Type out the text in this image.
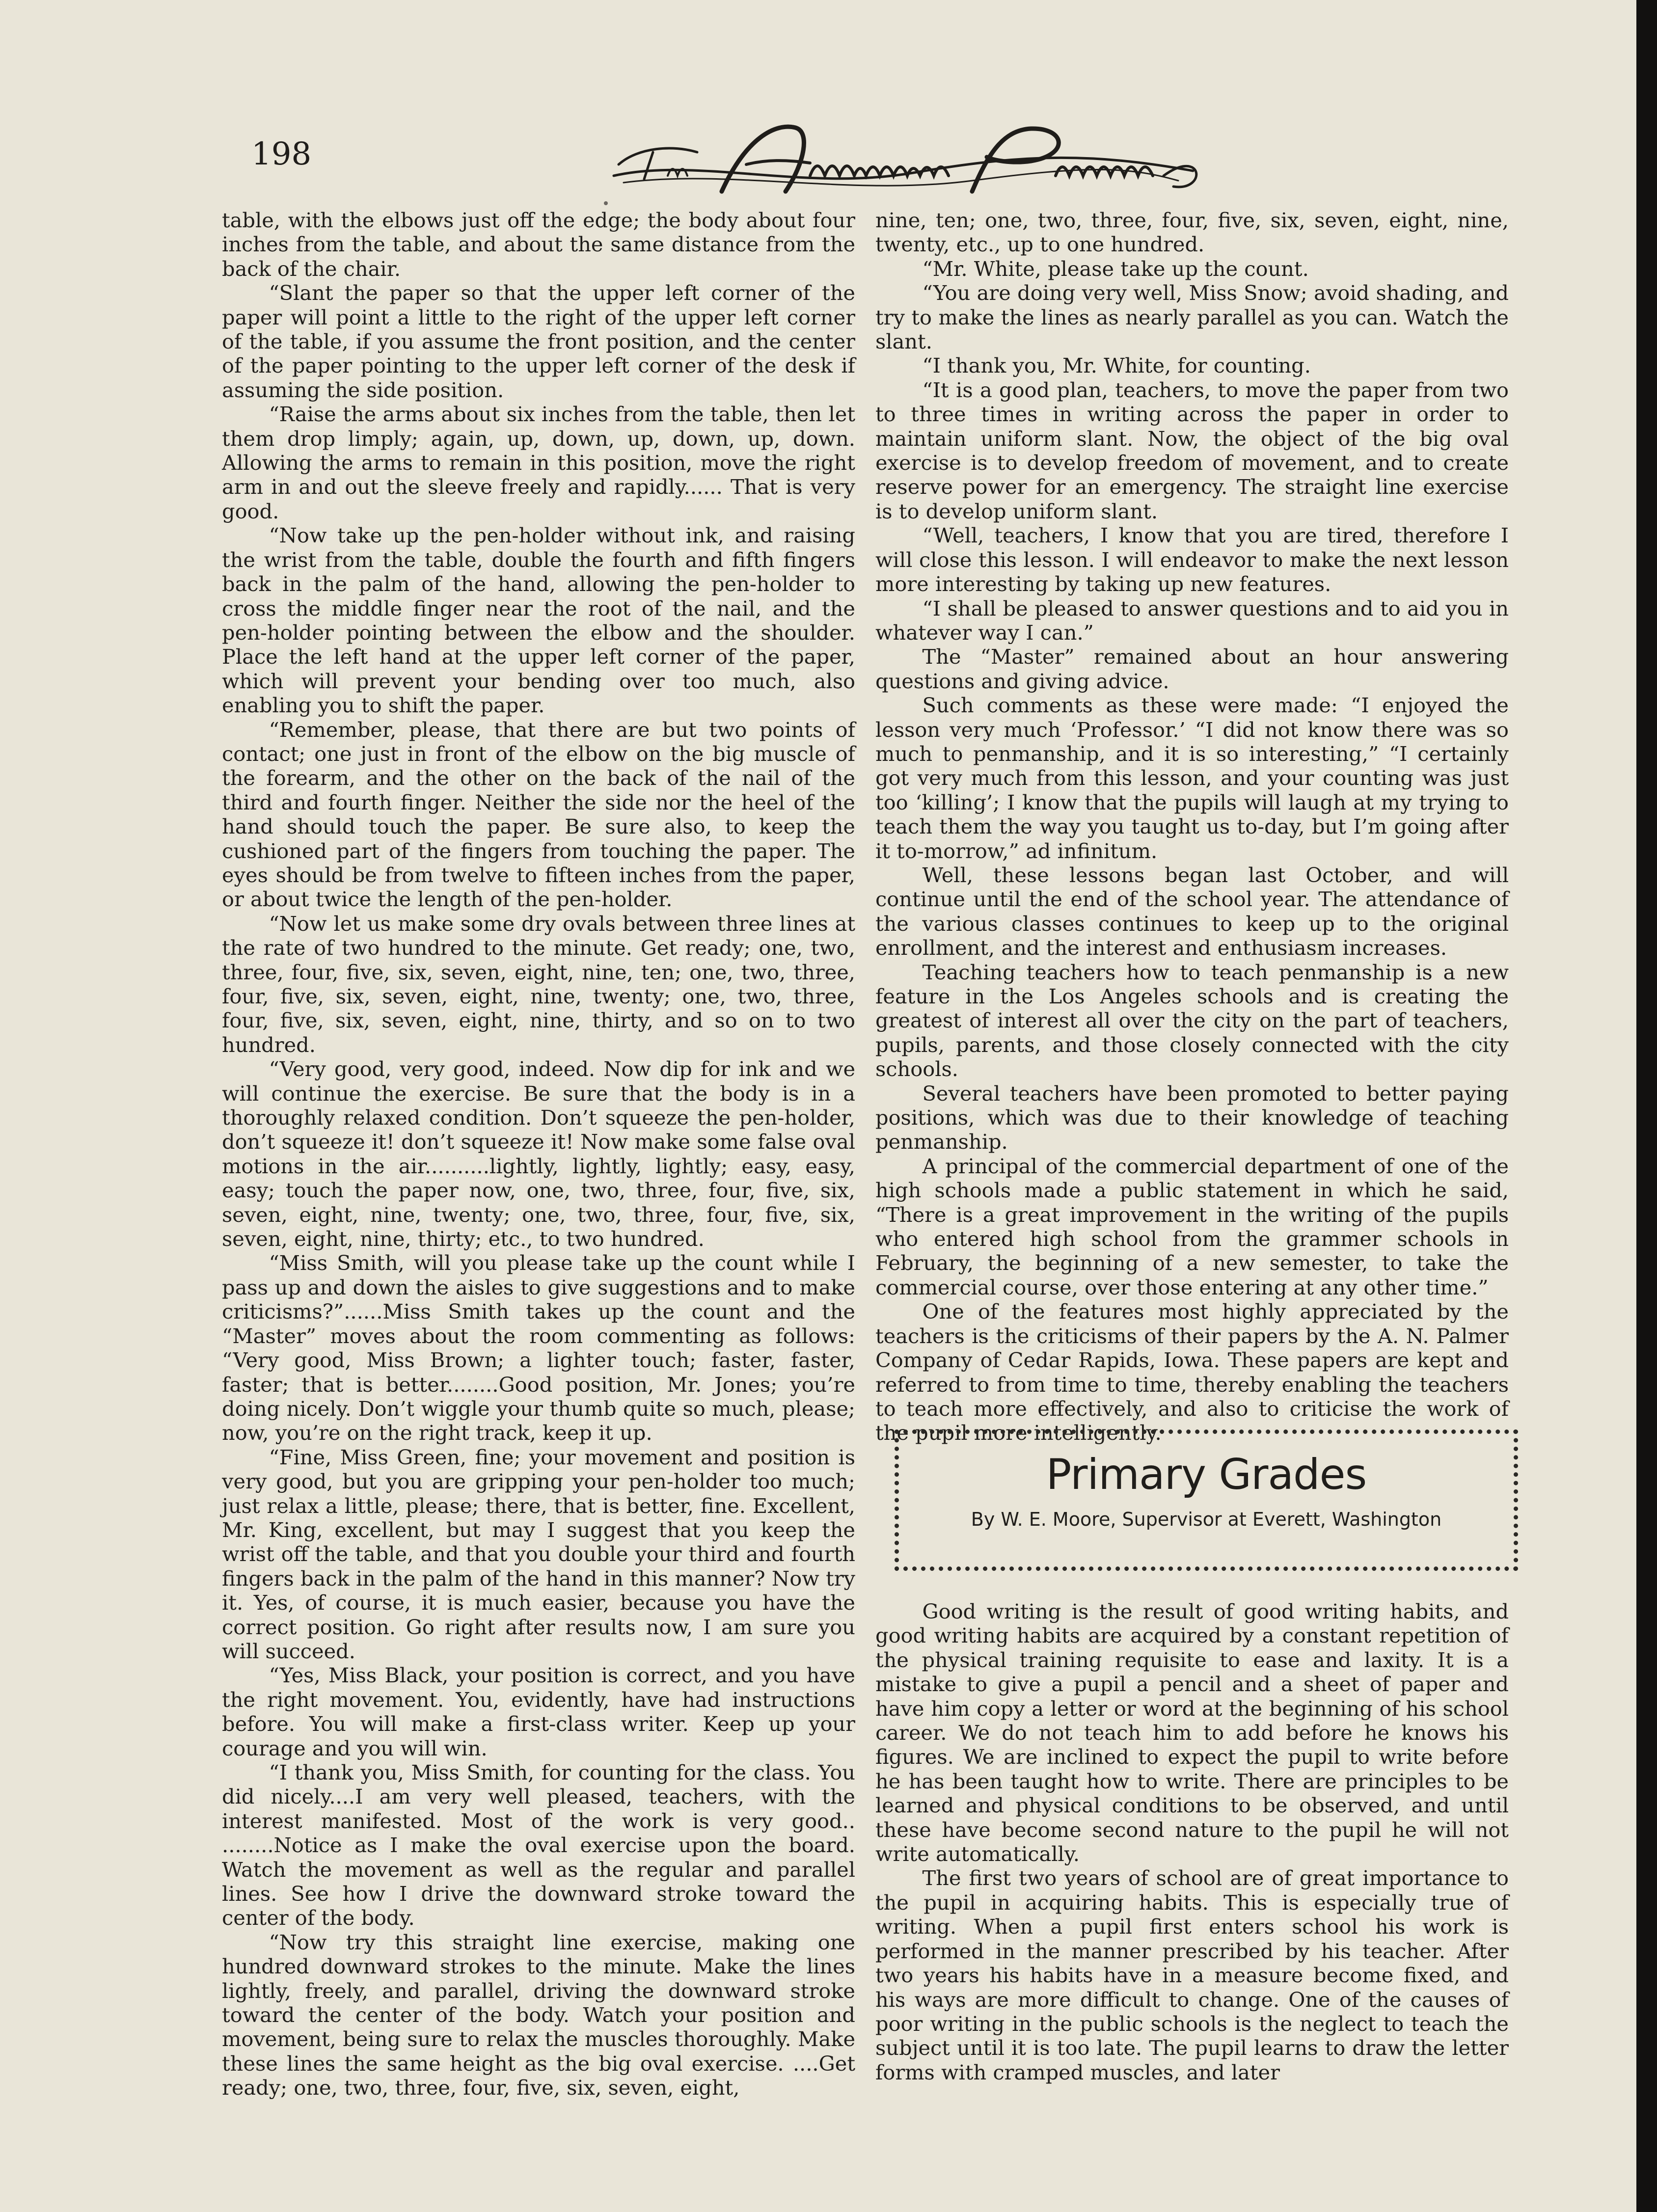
198

table, with the elbows just off the edge; the body about four inches from the table, and about the same distance from the back of the chair.

“Slant the paper so that the upper left corner of the paper will point a little to the right of the upper left corner of the table, if you assume the front position, and the center of the paper pointing to the upper left corner of the desk if assuming the side position.

“Raise the arms about six inches from the table, then let them drop limply; again, up, down, up, down, up, down. Allowing the arms to remain in this position, move the right arm in and out the sleeve freely and rapidly...... That is very good.

“Now take up the pen-holder without ink, and raising the wrist from the table, double the fourth and fifth fingers back in the palm of the hand, allowing the pen-holder to cross the middle finger near the root of the nail, and the pen-holder pointing between the elbow and the shoulder. Place the left hand at the upper left corner of the paper, which will prevent your bending over too much, also enabling you to shift the paper.

“Remember, please, that there are but two points of contact; one just in front of the elbow on the big muscle of the forearm, and the other on the back of the nail of the third and fourth finger. Neither the side nor the heel of the hand should touch the paper. Be sure also, to keep the cushioned part of the fingers from touching the paper. The eyes should be from twelve to fifteen inches from the paper, or about twice the length of the pen-holder.

“Now let us make some dry ovals between three lines at the rate of two hundred to the minute. Get ready; one, two, three, four, five, six, seven, eight, nine, ten; one, two, three, four, five, six, seven, eight, nine, twenty; one, two, three, four, five, six, seven, eight, nine, thirty, and so on to two hundred.

“Very good, very good, indeed. Now dip for ink and we will continue the exercise. Be sure that the body is in a thoroughly relaxed condition. Don’t squeeze the pen-holder, don’t squeeze it! don’t squeeze it! Now make some false oval motions in the air..........lightly, lightly, lightly; easy, easy, easy; touch the paper now, one, two, three, four, five, six, seven, eight, nine, twenty; one, two, three, four, five, six, seven, eight, nine, thirty; etc., to two hundred.

“Miss Smith, will you please take up the count while I pass up and down the aisles to give suggestions and to make criticisms?”......Miss Smith takes up the count and the “Master” moves about the room commenting as follows: “Very good, Miss Brown; a lighter touch; faster, faster, faster; that is better........Good position, Mr. Jones; you’re doing nicely. Don’t wiggle your thumb quite so much, please; now, you’re on the right track, keep it up.

“Fine, Miss Green, fine; your movement and position is very good, but you are gripping your pen-holder too much; just relax a little, please; there, that is better, fine. Excellent, Mr. King, excellent, but may I suggest that you keep the wrist off the table, and that you double your third and fourth fingers back in the palm of the hand in this manner? Now try it. Yes, of course, it is much easier, because you have the correct position. Go right after results now, I am sure you will succeed.

“Yes, Miss Black, your position is correct, and you have the right movement. You, evidently, have had instructions before. You will make a first-class writer. Keep up your courage and you will win.

“I thank you, Miss Smith, for counting for the class. You did nicely....I am very well pleased, teachers, with the interest manifested. Most of the work is very good.. ........Notice as I make the oval exercise upon the board. Watch the movement as well as the regular and parallel lines. See how I drive the downward stroke toward the center of the body.

“Now try this straight line exercise, making one hundred downward strokes to the minute. Make the lines lightly, freely, and parallel, driving the downward stroke toward the center of the body. Watch your position and movement, being sure to relax the muscles thoroughly. Make these lines the same height as the big oval exercise. ....Get ready; one, two, three, four, five, six, seven, eight,

nine, ten; one, two, three, four, five, six, seven, eight, nine, twenty, etc., up to one hundred.

“Mr. White, please take up the count.

“You are doing very well, Miss Snow; avoid shading, and try to make the lines as nearly parallel as you can. Watch the slant.

“I thank you, Mr. White, for counting.

“It is a good plan, teachers, to move the paper from two to three times in writing across the paper in order to maintain uniform slant. Now, the object of the big oval exercise is to develop freedom of movement, and to create reserve power for an emergency. The straight line exercise is to develop uniform slant.

“Well, teachers, I know that you are tired, therefore I will close this lesson. I will endeavor to make the next lesson more interesting by taking up new features.

“I shall be pleased to answer questions and to aid you in whatever way I can.”

The “Master” remained about an hour answering questions and giving advice.

Such comments as these were made: “I enjoyed the lesson very much ‘Professor.’ “I did not know there was so much to penmanship, and it is so interesting,” “I certainly got very much from this lesson, and your counting was just too ‘killing’; I know that the pupils will laugh at my trying to teach them the way you taught us to-day, but I’m going after it to-morrow,” ad infinitum.

Well, these lessons began last October, and will continue until the end of the school year. The attendance of the various classes continues to keep up to the original enrollment, and the interest and enthusiasm increases.

Teaching teachers how to teach penmanship is a new feature in the Los Angeles schools and is creating the greatest of interest all over the city on the part of teachers, pupils, parents, and those closely connected with the city schools.

Several teachers have been promoted to better paying positions, which was due to their knowledge of teaching penmanship.

A principal of the commercial department of one of the high schools made a public statement in which he said, “There is a great improvement in the writing of the pupils who entered high school from the grammer schools in February, the beginning of a new semester, to take the commercial course, over those entering at any other time.”

One of the features most highly appreciated by the teachers is the criticisms of their papers by the A. N. Palmer Company of Cedar Rapids, Iowa. These papers are kept and referred to from time to time, thereby enabling the teachers to teach more effectively, and also to criticise the work of the pupil more intelligently.

Primary Grades

By W. E. Moore, Supervisor at Everett, Washington

Good writing is the result of good writing habits, and good writing habits are acquired by a constant repetition of the physical training requisite to ease and laxity. It is a mistake to give a pupil a pencil and a sheet of paper and have him copy a letter or word at the beginning of his school career. We do not teach him to add before he knows his figures. We are inclined to expect the pupil to write before he has been taught how to write. There are principles to be learned and physical conditions to be observed, and until these have become second nature to the pupil he will not write automatically.

The first two years of school are of great importance to the pupil in acquiring habits. This is especially true of writing. When a pupil first enters school his work is performed in the manner prescribed by his teacher. After two years his habits have in a measure become fixed, and his ways are more difficult to change. One of the causes of poor writing in the public schools is the neglect to teach the subject until it is too late. The pupil learns to draw the letter forms with cramped muscles, and later
